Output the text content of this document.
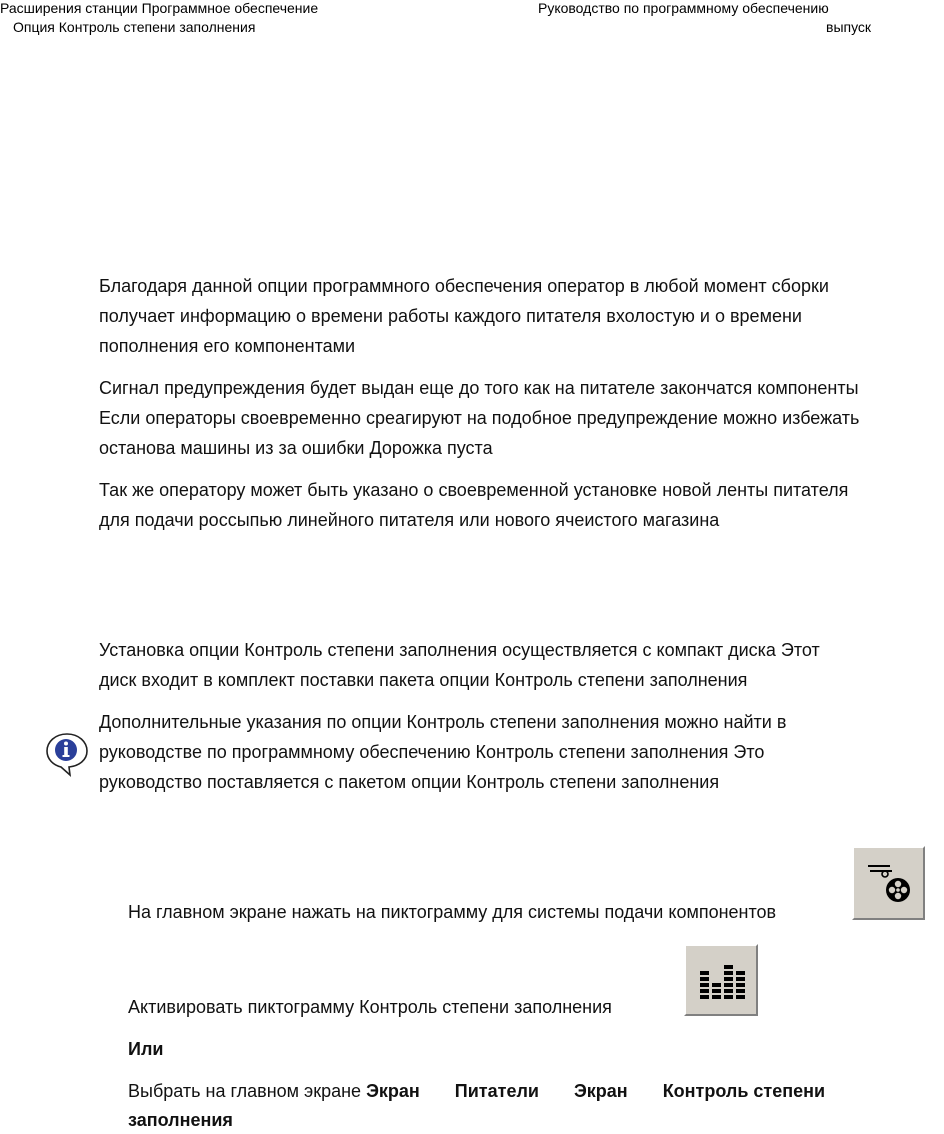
Расширения станции Программное обеспечение
Опция Контроль степени заполнения
Руководство по программному обеспечению
выпуск
Благодаря данной опции программного обеспечения оператор в любой момент сборки
получает информацию о времени работы каждого питателя вхолостую и о времени
пополнения его компонентами
Сигнал предупреждения будет выдан еще до того как на питателе закончатся компоненты
Если операторы своевременно среагируют на подобное предупреждение можно избежать
останова машины из за ошибки Дорожка пуста
Так же оператору может быть указано о своевременной установке новой ленты питателя
для подачи россыпью линейного питателя или нового ячеистого магазина
Установка опции Контроль степени заполнения осуществляется с компакт диска Этот
диск входит в комплект поставки пакета опции Контроль степени заполнения
Дополнительные указания по опции Контроль степени заполнения можно найти в
руководстве по программному обеспечению Контроль степени заполнения Это
руководство поставляется с пакетом опции Контроль степени заполнения
На главном экране нажать на пиктограмму для системы подачи компонентов
Активировать пиктограмму Контроль степени заполнения
Или
Выбрать на главном экране Экран Питатели Экран Контроль степени
заполнения
